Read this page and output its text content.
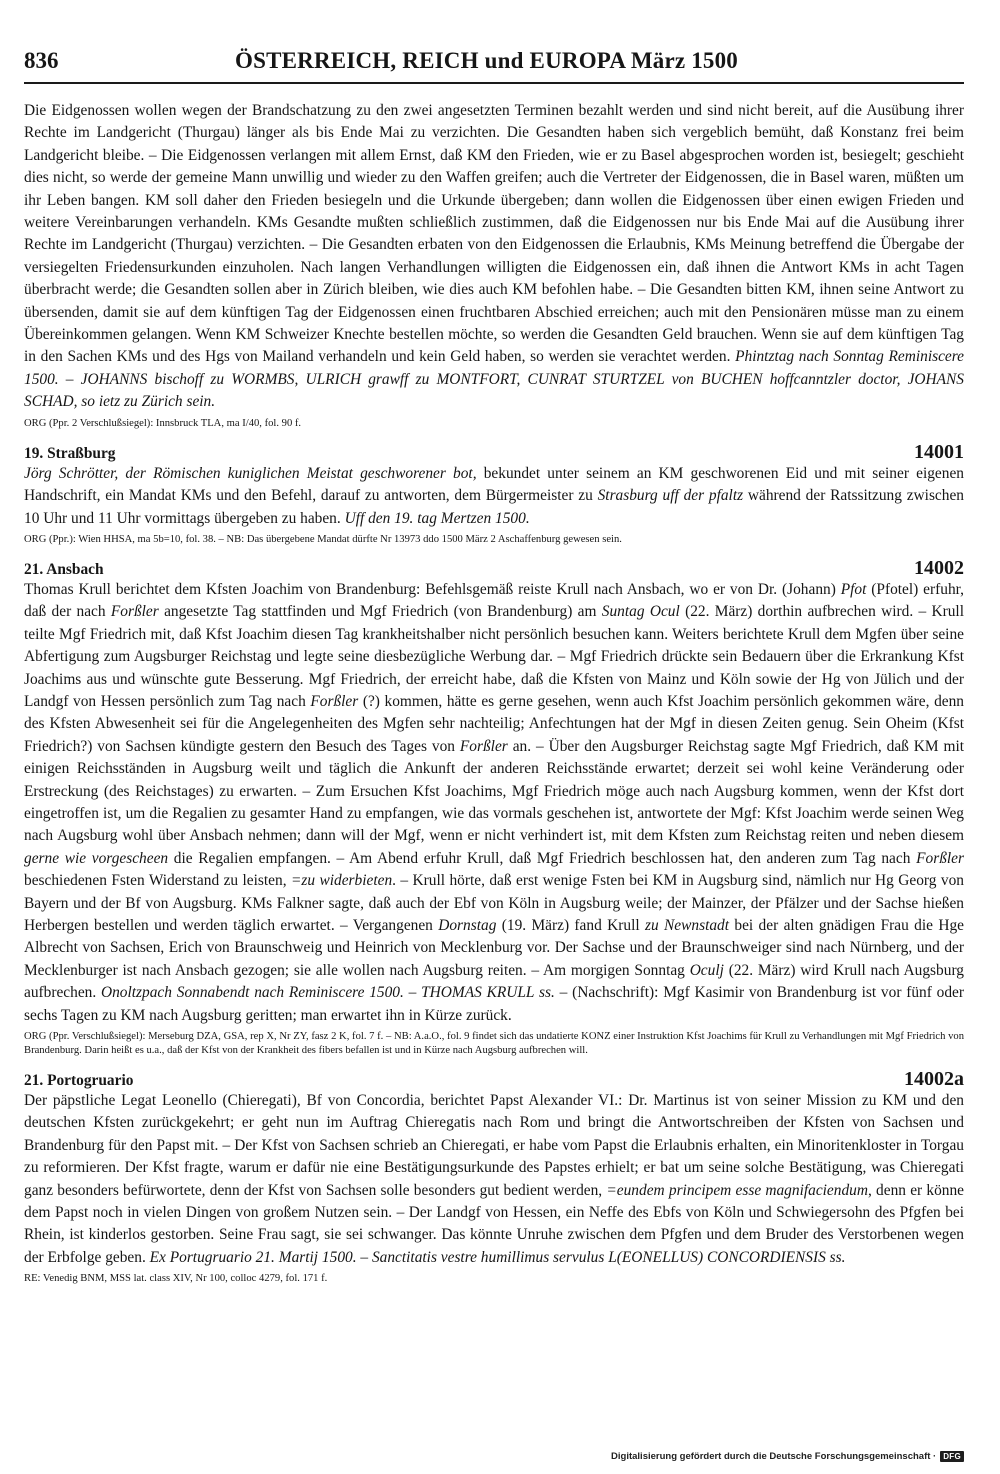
836	ÖSTERREICH, REICH und EUROPA März 1500

Die Eidgenossen wollen wegen der Brandschatzung zu den zwei angesetzten Terminen bezahlt werden und sind nicht bereit, auf die Ausübung ihrer Rechte im Landgericht (Thurgau) länger als bis Ende Mai zu verzichten. Die Gesandten haben sich vergeblich bemüht, daß Konstanz frei beim Landgericht bleibe. – Die Eidgenossen verlangen mit allem Ernst, daß KM den Frieden, wie er zu Basel abgesprochen worden ist, besiegelt; geschieht dies nicht, so werde der gemeine Mann unwillig und wieder zu den Waffen greifen; auch die Vertreter der Eidgenossen, die in Basel waren, müßten um ihr Leben bangen. KM soll daher den Frieden besiegeln und die Urkunde übergeben; dann wollen die Eidgenossen über einen ewigen Frieden und weitere Vereinbarungen verhandeln. KMs Gesandte mußten schließlich zustimmen, daß die Eidgenossen nur bis Ende Mai auf die Ausübung ihrer Rechte im Landgericht (Thurgau) verzichten. – Die Gesandten erbaten von den Eidgenossen die Erlaubnis, KMs Meinung betreffend die Übergabe der versiegelten Friedensurkunden einzuholen. Nach langen Verhandlungen willigten die Eidgenossen ein, daß ihnen die Antwort KMs in acht Tagen überbracht werde; die Gesandten sollen aber in Zürich bleiben, wie dies auch KM befohlen habe. – Die Gesandten bitten KM, ihnen seine Antwort zu übersenden, damit sie auf dem künftigen Tag der Eidgenossen einen fruchtbaren Abschied erreichen; auch mit den Pensionären müsse man zu einem Übereinkommen gelangen. Wenn KM Schweizer Knechte bestellen möchte, so werden die Gesandten Geld brauchen. Wenn sie auf dem künftigen Tag in den Sachen KMs und des Hgs von Mailand verhandeln und kein Geld haben, so werden sie verachtet werden. Phintztag nach Sonntag Reminiscere 1500. – JOHANNS bischoff zu WORMBS, ULRICH grawff zu MONTFORT, CUNRAT STURTZEL von BUCHEN hoffcanntzler doctor, JOHANS SCHAD, so ietz zu Zürich sein.

ORG (Ppr. 2 Verschlußsiegel): Innsbruck TLA, ma I/40, fol. 90 f.

19. Straßburg	14001

Jörg Schrötter, der Römischen kuniglichen Meistat geschworener bot, bekundet unter seinem an KM geschworenen Eid und mit seiner eigenen Handschrift, ein Mandat KMs und den Befehl, darauf zu antworten, dem Bürgermeister zu Strasburg uff der pfaltz während der Ratssitzung zwischen 10 Uhr und 11 Uhr vormittags übergeben zu haben. Uff den 19. tag Mertzen 1500.

ORG (Ppr.): Wien HHSA, ma 5b=10, fol. 38. – NB: Das übergebene Mandat dürfte Nr 13973 ddo 1500 März 2 Aschaffenburg gewesen sein.

21. Ansbach	14002

Thomas Krull berichtet dem Kfsten Joachim von Brandenburg: Befehlsgemäß reiste Krull nach Ansbach, wo er von Dr. (Johann) Pfot (Pfotel) erfuhr, daß der nach Forßler angesetzte Tag stattfinden und Mgf Friedrich (von Brandenburg) am Suntag Ocul (22. März) dorthin aufbrechen wird. – Krull teilte Mgf Friedrich mit, daß Kfst Joachim diesen Tag krankheitshalber nicht persönlich besuchen kann. Weiters berichtete Krull dem Mgfen über seine Abfertigung zum Augsburger Reichstag und legte seine diesbezügliche Werbung dar. – Mgf Friedrich drückte sein Bedauern über die Erkrankung Kfst Joachims aus und wünschte gute Besserung. Mgf Friedrich, der erreicht habe, daß die Kfsten von Mainz und Köln sowie der Hg von Jülich und der Landgf von Hessen persönlich zum Tag nach Forßler (?) kommen, hätte es gerne gesehen, wenn auch Kfst Joachim persönlich gekommen wäre, denn des Kfsten Abwesenheit sei für die Angelegenheiten des Mgfen sehr nachteilig; Anfechtungen hat der Mgf in diesen Zeiten genug. Sein Oheim (Kfst Friedrich?) von Sachsen kündigte gestern den Besuch des Tages von Forßler an. – Über den Augsburger Reichstag sagte Mgf Friedrich, daß KM mit einigen Reichsständen in Augsburg weilt und täglich die Ankunft der anderen Reichsstände erwartet; derzeit sei wohl keine Veränderung oder Erstreckung (des Reichstages) zu erwarten. – Zum Ersuchen Kfst Joachims, Mgf Friedrich möge auch nach Augsburg kommen, wenn der Kfst dort eingetroffen ist, um die Regalien zu gesamter Hand zu empfangen, wie das vormals geschehen ist, antwortete der Mgf: Kfst Joachim werde seinen Weg nach Augsburg wohl über Ansbach nehmen; dann will der Mgf, wenn er nicht verhindert ist, mit dem Kfsten zum Reichstag reiten und neben diesem gerne wie vorgescheen die Regalien empfangen. – Am Abend erfuhr Krull, daß Mgf Friedrich beschlossen hat, den anderen zum Tag nach Forßler beschiedenen Fsten Widerstand zu leisten, =zu widerbieten. – Krull hörte, daß erst wenige Fsten bei KM in Augsburg sind, nämlich nur Hg Georg von Bayern und der Bf von Augsburg. KMs Falkner sagte, daß auch der Ebf von Köln in Augsburg weile; der Mainzer, der Pfälzer und der Sachse hießen Herbergen bestellen und werden täglich erwartet. – Vergangenen Dornstag (19. März) fand Krull zu Newnstadt bei der alten gnädigen Frau die Hge Albrecht von Sachsen, Erich von Braunschweig und Heinrich von Mecklenburg vor. Der Sachse und der Braunschweiger sind nach Nürnberg, und der Mecklenburger ist nach Ansbach gezogen; sie alle wollen nach Augsburg reiten. – Am morgigen Sonntag Oculj (22. März) wird Krull nach Augsburg aufbrechen. Onoltzpach Sonnabendt nach Reminiscere 1500. – THOMAS KRULL ss. – (Nachschrift): Mgf Kasimir von Brandenburg ist vor fünf oder sechs Tagen zu KM nach Augsburg geritten; man erwartet ihn in Kürze zurück.

ORG (Ppr. Verschlußsiegel): Merseburg DZA, GSA, rep X, Nr ZY, fasz 2 K, fol. 7 f. – NB: A.a.O., fol. 9 findet sich das undatierte KONZ einer Instruktion Kfst Joachims für Krull zu Verhandlungen mit Mgf Friedrich von Brandenburg. Darin heißt es u.a., daß der Kfst von der Krankheit des fibers befallen ist und in Kürze nach Augsburg aufbrechen will.

21. Portogruario	14002a

Der päpstliche Legat Leonello (Chieregati), Bf von Concordia, berichtet Papst Alexander VI.: Dr. Martinus ist von seiner Mission zu KM und den deutschen Kfsten zurückgekehrt; er geht nun im Auftrag Chieregatis nach Rom und bringt die Antwortschreiben der Kfsten von Sachsen und Brandenburg für den Papst mit. – Der Kfst von Sachsen schrieb an Chieregati, er habe vom Papst die Erlaubnis erhalten, ein Minoritenkloster in Torgau zu reformieren. Der Kfst fragte, warum er dafür nie eine Bestätigungsurkunde des Papstes erhielt; er bat um seine solche Bestätigung, was Chieregati ganz besonders befürwortete, denn der Kfst von Sachsen solle besonders gut bedient werden, =eundem principem esse magnifaciendum, denn er könne dem Papst noch in vielen Dingen von großem Nutzen sein. – Der Landgf von Hessen, ein Neffe des Ebfs von Köln und Schwiegersohn des Pfgfen bei Rhein, ist kinderlos gestorben. Seine Frau sagt, sie sei schwanger. Das könnte Unruhe zwischen dem Pfgfen und dem Bruder des Verstorbenen wegen der Erbfolge geben. Ex Portugruario 21. Martij 1500. – Sanctitatis vestre humillimus servulus L(EONELLUS) CONCORDIENSIS ss.

RE: Venedig BNM, MSS lat. class XIV, Nr 100, colloc 4279, fol. 171 f.

Digitalisierung gefördert durch die Deutsche Forschungsgemeinschaft · DFG
